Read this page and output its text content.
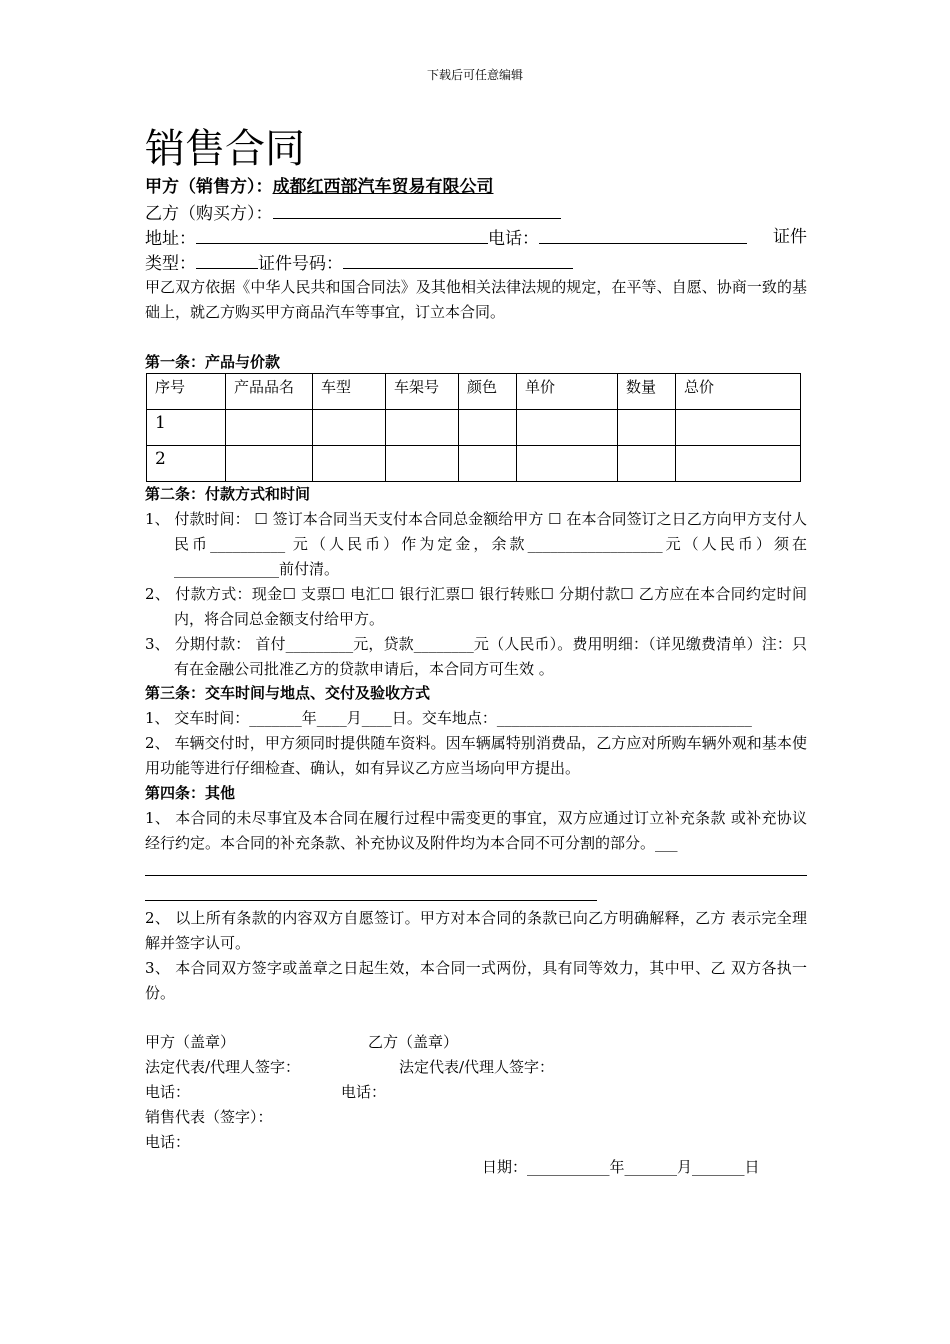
下载后可任意编辑
销售合同
甲方（销售方）：成都红西部汽车贸易有限公司
乙方（购买方）：
地址：	电话：	证件
类型：	证件号码：
甲乙双方依据《中华人民共和国合同法》及其他相关法律法规的规定，在平等、自愿、协商一致的基础上，就乙方购买甲方商品汽车等事宜，订立本合同。
第一条：产品与价款
序号	产品品名	车型	车架号	颜色	单价	数量	总价
1							
2							
第二条：付款方式和时间
1、 付款时间： ☐ 签订本合同当天支付本合同总金额给甲方 ☐ 在本合同签订之日乙方向甲方支付人民币__________ 元（人民币）作为定金，余款__________________元（人民币）须在______________前付清。
2、 付款方式：现金☐ 支票☐ 电汇☐ 银行汇票☐ 银行转账☐ 分期付款☐ 乙方应在本合同约定时间内，将合同总金额支付给甲方。
3、 分期付款： 首付_________元，贷款________元（人民币）。费用明细：（详见缴费清单）注：只有在金融公司批准乙方的贷款申请后，本合同方可生效 。
第三条：交车时间与地点、交付及验收方式
1、 交车时间：_______年____月____日。交车地点：__________________________________
2、 车辆交付时，甲方须同时提供随车资料。因车辆属特别消费品，乙方应对所购车辆外观和基本使用功能等进行仔细检查、确认，如有异议乙方应当场向甲方提出。
第四条：其他
1、 本合同的未尽事宜及本合同在履行过程中需变更的事宜，双方应通过订立补充条款 或补充协议经行约定。本合同的补充条款、补充协议及附件均为本合同不可分割的部分。___
2、 以上所有条款的内容双方自愿签订。甲方对本合同的条款已向乙方明确解释，乙方 表示完全理解并签字认可。
3、 本合同双方签字或盖章之日起生效，本合同一式两份，具有同等效力，其中甲、乙 双方各执一份。
甲方（盖章）	乙方（盖章）
法定代表/代理人签字：	法定代表/代理人签字：
电话：	电话：
销售代表（签字）：
电话：
日期：___________年_______月_______日
